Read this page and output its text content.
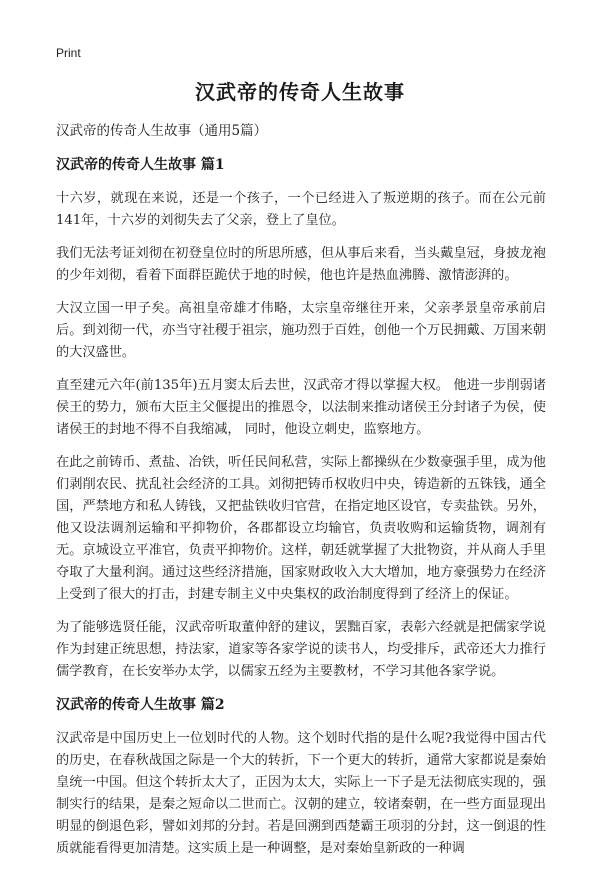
Print
汉武帝的传奇人生故事

汉武帝的传奇人生故事（通用5篇）

汉武帝的传奇人生故事 篇1

十六岁，就现在来说，还是一个孩子，一个已经进入了叛逆期的孩子。而在公元前141年，十六岁的刘彻失去了父亲，登上了皇位。

我们无法考证刘彻在初登皇位时的所思所感，但从事后来看，当头戴皇冠，身披龙袍的少年刘彻，看着下面群臣跪伏于地的时候，他也许是热血沸腾、激情澎湃的。

大汉立国一甲子矣。高祖皇帝雄才伟略，太宗皇帝继往开来，父亲孝景皇帝承前启后。到刘彻一代，亦当守社稷于祖宗，施功烈于百姓，创他一个万民拥戴、万国来朝的大汉盛世。

直至建元六年(前135年)五月窦太后去世，汉武帝才得以掌握大权。 他进一步削弱诸侯王的势力，颁布大臣主父偃提出的推恩令，以法制来推动诸侯王分封诸子为侯，使诸侯王的封地不得不自我缩减， 同时，他设立刺史，监察地方。

在此之前铸币、煮盐、冶铁，听任民间私营，实际上都操纵在少数豪强手里，成为他们剥削农民、扰乱社会经济的工具。刘彻把铸币权收归中央，铸造新的五铢钱，通全国，严禁地方和私人铸钱，又把盐铁收归官营，在指定地区设官，专卖盐铁。另外，他又设法调剂运输和平抑物价，各郡都设立均输官，负责收购和运输货物，调剂有无。京城设立平准官，负责平抑物价。这样，朝廷就掌握了大批物资，并从商人手里夺取了大量利润。通过这些经济措施，国家财政收入大大增加，地方豪强势力在经济上受到了很大的打击，封建专制主义中央集权的政治制度得到了经济上的保证。

为了能够选贤任能，汉武帝听取董仲舒的建议，罢黜百家，表彰六经就是把儒家学说作为封建正统思想，持法家，道家等各家学说的读书人，均受排斥，武帝还大力推行儒学教育，在长安举办太学，以儒家五经为主要教材，不学习其他各家学说。

汉武帝的传奇人生故事 篇2

汉武帝是中国历史上一位划时代的人物。这个划时代指的是什么呢?我觉得中国古代的历史，在春秋战国之际是一个大的转折，下一个更大的转折，通常大家都说是秦始皇统一中国。但这个转折太大了，正因为太大，实际上一下子是无法彻底实现的，强制实行的结果，是秦之短命以二世而亡。汉朝的建立，较诸秦朝，在一些方面显现出明显的倒退色彩，譬如刘邦的分封。若是回溯到西楚霸王项羽的分封，这一倒退的性质就能看得更加清楚。这实质上是一种调整，是对秦始皇新政的一种调
